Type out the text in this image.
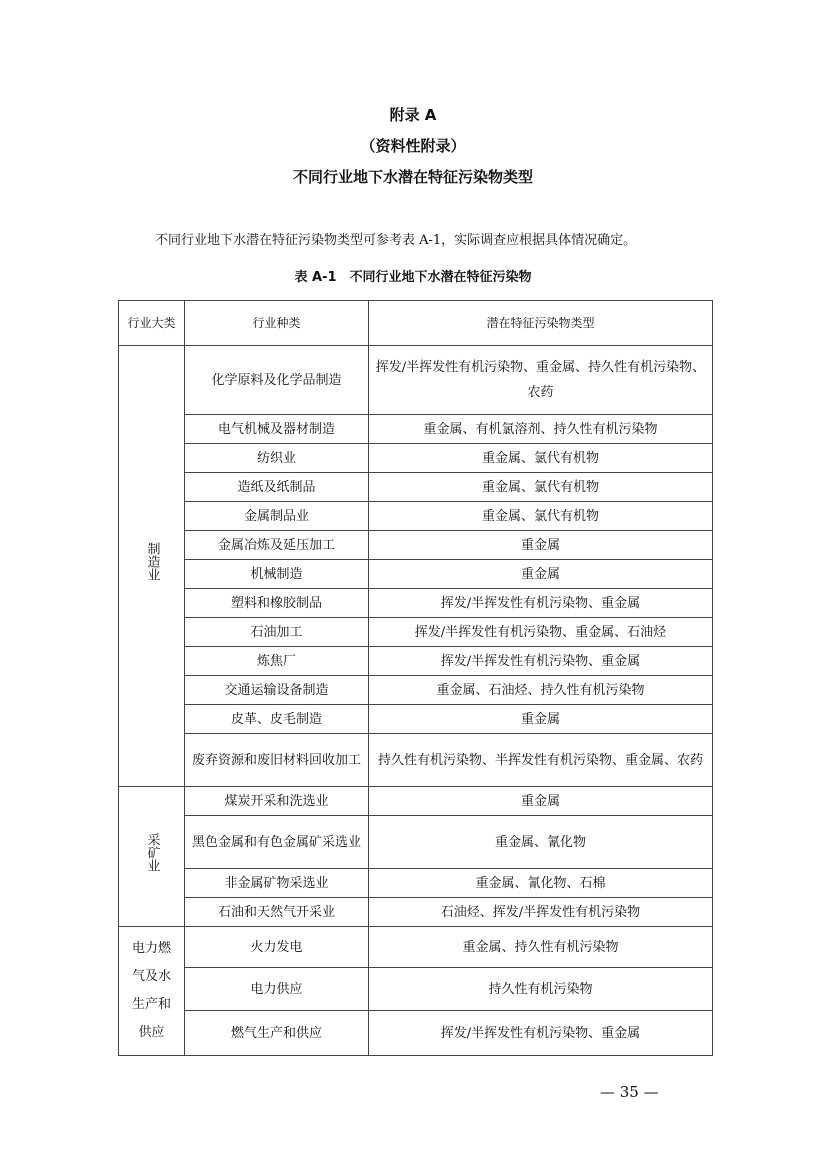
附录 A
（资料性附录）
不同行业地下水潜在特征污染物类型
不同行业地下水潜在特征污染物类型可参考表 A-1，实际调查应根据具体情况确定。
表 A-1　不同行业地下水潜在特征污染物
行业大类	行业种类	潜在特征污染物类型
制造业	化学原料及化学品制造	挥发/半挥发性有机污染物、重金属、持久性有机污染物、农药
	电气机械及器材制造	重金属、有机氯溶剂、持久性有机污染物
	纺织业	重金属、氯代有机物
	造纸及纸制品	重金属、氯代有机物
	金属制品业	重金属、氯代有机物
	金属冶炼及延压加工	重金属
	机械制造	重金属
	塑料和橡胶制品	挥发/半挥发性有机污染物、重金属
	石油加工	挥发/半挥发性有机污染物、重金属、石油烃
	炼焦厂	挥发/半挥发性有机污染物、重金属
	交通运输设备制造	重金属、石油烃、持久性有机污染物
	皮革、皮毛制造	重金属
	废弃资源和废旧材料回收加工	持久性有机污染物、半挥发性有机污染物、重金属、农药
采矿业	煤炭开采和洗选业	重金属
	黑色金属和有色金属矿采选业	重金属、氰化物
	非金属矿物采选业	重金属、氰化物、石棉
	石油和天然气开采业	石油烃、挥发/半挥发性有机污染物
电力燃气及水生产和供应	火力发电	重金属、持久性有机污染物
	电力供应	持久性有机污染物
	燃气生产和供应	挥发/半挥发性有机污染物、重金属
— 35 —
